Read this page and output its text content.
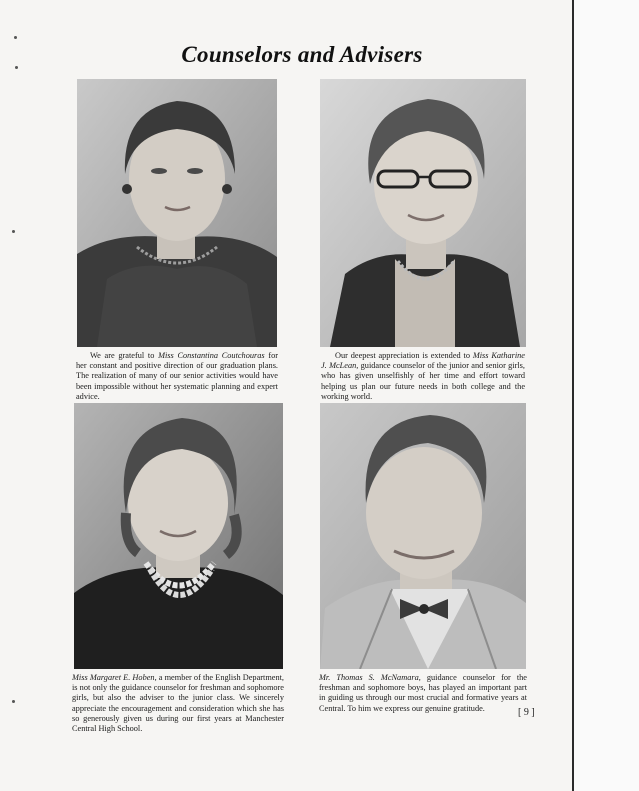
Counselors and Advisers

We are grateful to Miss Constantina Coutchouras for her constant and positive direction of our graduation plans. The realization of many of our senior activities would have been impossible without her systematic planning and expert advice.

Our deepest appreciation is extended to Miss Katharine J. McLean, guidance counselor of the junior and senior girls, who has given unselfishly of her time and effort toward helping us plan our future needs in both college and the working world.

Miss Margaret E. Hoben, a member of the English Department, is not only the guidance counselor for freshman and sophomore girls, but also the adviser to the junior class. We sincerely appreciate the encouragement and consideration which she has so generously given us during our first years at Manchester Central High School.

Mr. Thomas S. McNamara, guidance counselor for the freshman and sophomore boys, has played an important part in guiding us through our most crucial and formative years at Central. To him we express our genuine gratitude.	[ 9 ]
